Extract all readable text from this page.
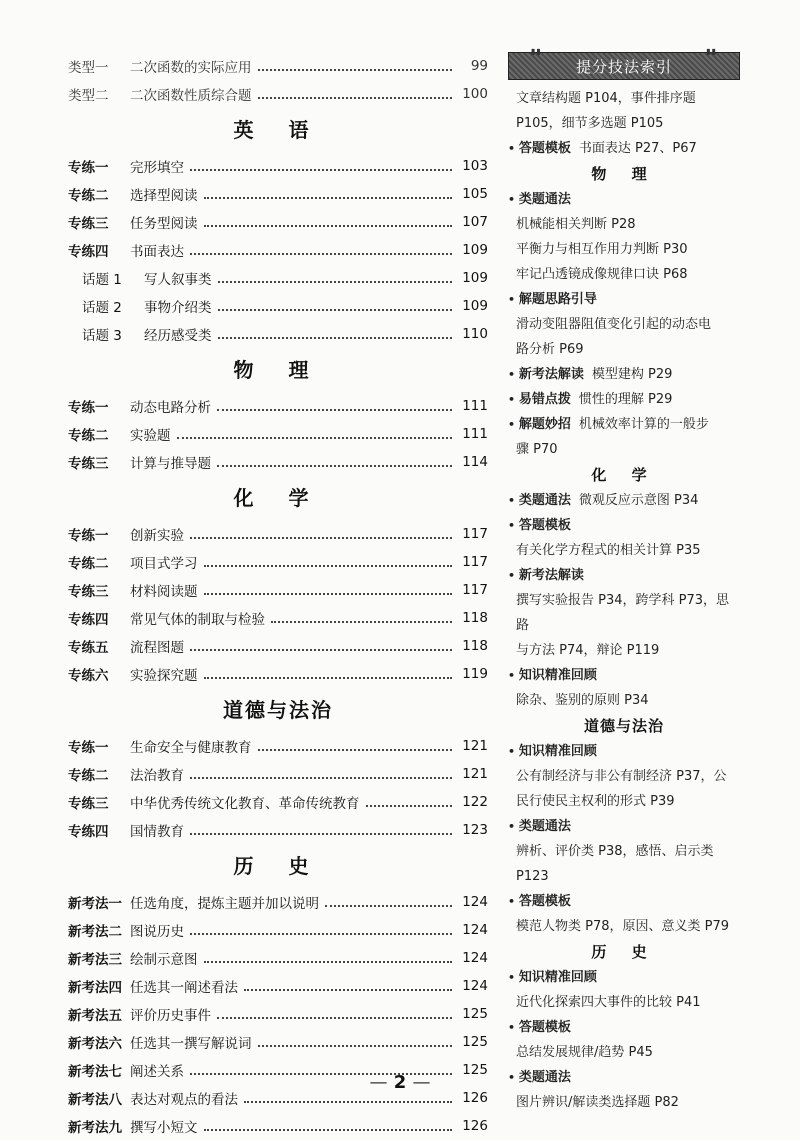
类型一	二次函数的实际应用	99
类型二	二次函数性质综合题	100
英 语
专练一	完形填空	103
专练二	选择型阅读	105
专练三	任务型阅读	107
专练四	书面表达	109
话题 1	写人叙事类	109
话题 2	事物介绍类	109
话题 3	经历感受类	110
物 理
专练一	动态电路分析	111
专练二	实验题	111
专练三	计算与推导题	114
化 学
专练一	创新实验	117
专练二	项目式学习	117
专练三	材料阅读题	117
专练四	常见气体的制取与检验	118
专练五	流程图题	118
专练六	实验探究题	119
道德与法治
专练一	生命安全与健康教育	121
专练二	法治教育	121
专练三	中华优秀传统文化教育、革命传统教育	122
专练四	国情教育	123
历 史
新考法一 任选角度，提炼主题并加以说明	124
新考法二 图说历史	124
新考法三 绘制示意图	124
新考法四 任选其一阐述看法	124
新考法五 评价历史事件	125
新考法六 任选其一撰写解说词	125
新考法七 阐述关系	125
新考法八 表达对观点的看法	126
新考法九 撰写小短文	126
▮▮
提分技法索引
▮▮
文章结构题 P104，事件排序题
P105，细节多选题 P105
• 答题模板 书面表达 P27、P67
物 理
• 类题通法
机械能相关判断 P28
平衡力与相互作用力判断 P30
牢记凸透镜成像规律口诀 P68
• 解题思路引导
滑动变阻器阻值变化引起的动态电
路分析 P69
• 新考法解读 模型建构 P29
• 易错点拨 惯性的理解 P29
• 解题妙招 机械效率计算的一般步
骤 P70
化 学
• 类题通法 微观反应示意图 P34
• 答题模板
有关化学方程式的相关计算 P35
• 新考法解读
撰写实验报告 P34，跨学科 P73，思路
与方法 P74，辩论 P119
• 知识精准回顾
除杂、鉴别的原则 P34
道德与法治
• 知识精准回顾
公有制经济与非公有制经济 P37，公
民行使民主权利的形式 P39
• 类题通法
辨析、评价类 P38，感悟、启示类 P123
• 答题模板
模范人物类 P78，原因、意义类 P79
历 史
• 知识精准回顾
近代化探索四大事件的比较 P41
• 答题模板
总结发展规律/趋势 P45
• 类题通法
图片辨识/解读类选择题 P82
— 2 —
